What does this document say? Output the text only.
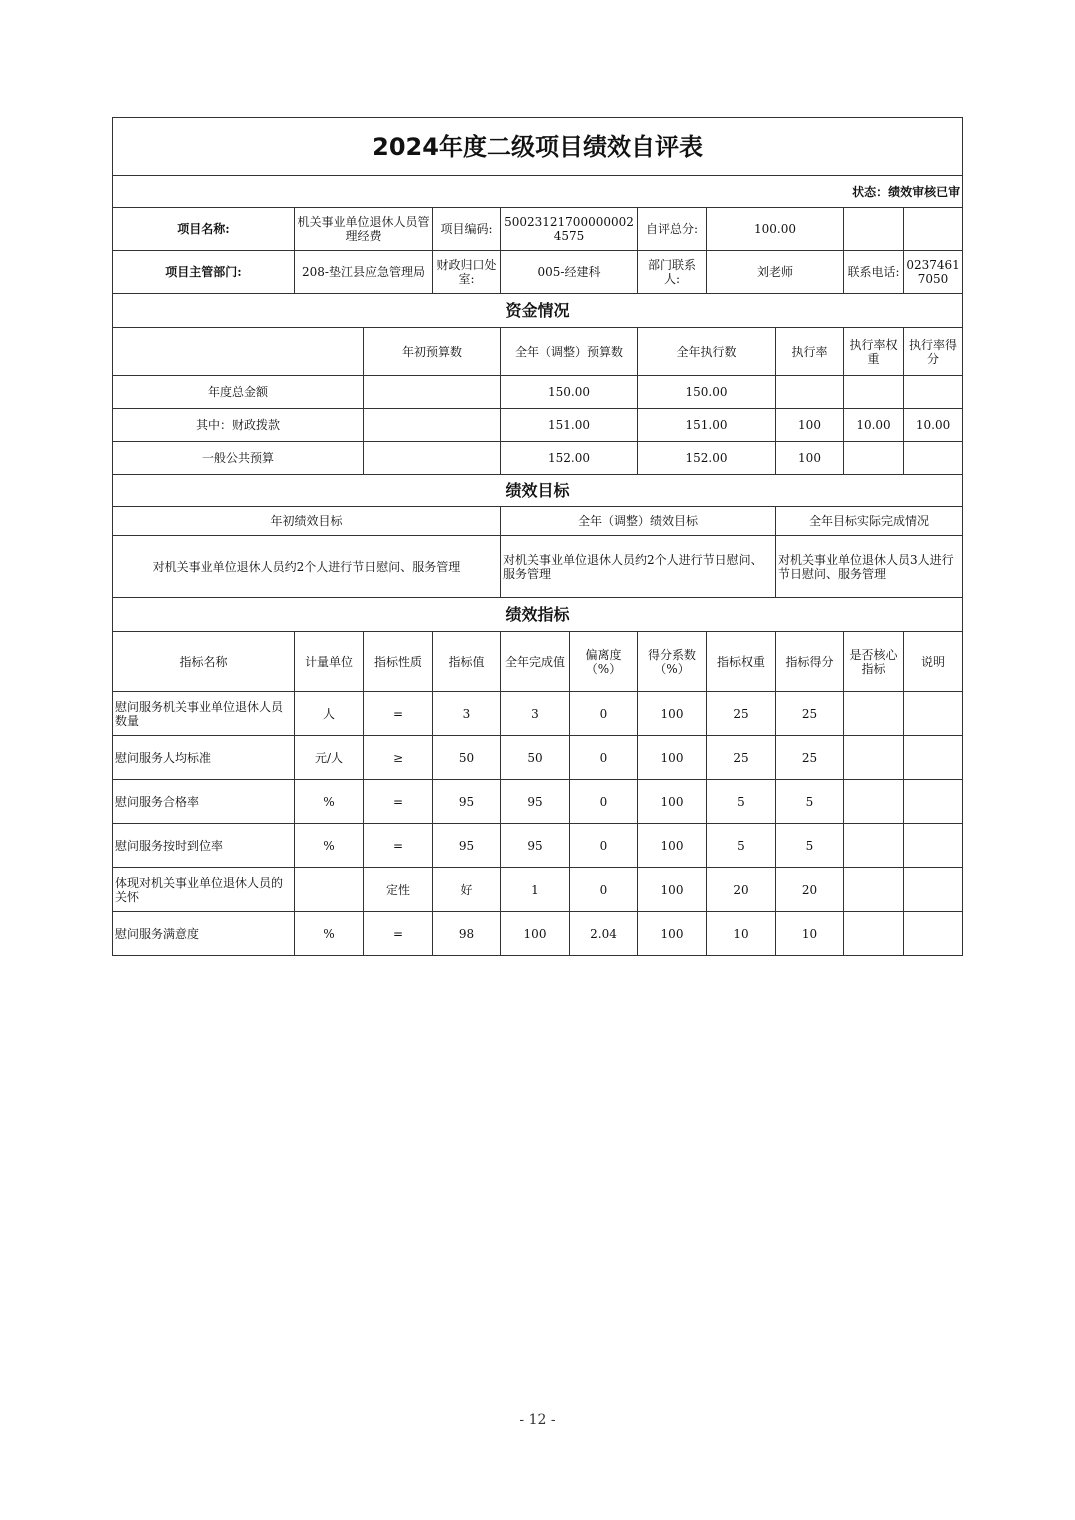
2024年度二级项目绩效自评表										
状态：绩效审核已审										
项目名称:	机关事业单位退休人员管理经费		项目编码:	500231217000000024575		自评总分:	100.00			
项目主管部门:	208-垫江县应急管理局		财政归口处室:	005-经建科		部门联系人:	刘老师		联系电话:	02374617050
资金情况										
		年初预算数		全年（调整）预算数		全年执行数		执行率	执行率权重	执行率得分
年度总金额				150.00		150.00				
其中：财政拨款				151.00		151.00		100	10.00	10.00
一般公共预算				152.00		152.00		100		
绩效目标										
年初绩效目标				全年（调整）绩效目标				全年目标实际完成情况		
对机关事业单位退休人员约2个人进行节日慰问、服务管理				对机关事业单位退休人员约2个人进行节日慰问、服务管理				对机关事业单位退休人员3人进行节日慰问、服务管理		
绩效指标										
指标名称	计量单位	指标性质	指标值	全年完成值	偏离度（%）	得分系数（%）	指标权重	指标得分	是否核心指标	说明
慰问服务机关事业单位退休人员数量	人	=	3	3	0	100	25	25		
慰问服务人均标准	元/人	≥	50	50	0	100	25	25		
慰问服务合格率	%	=	95	95	0	100	5	5		
慰问服务按时到位率	%	=	95	95	0	100	5	5		
体现对机关事业单位退休人员的关怀		定性	好	1	0	100	20	20		
慰问服务满意度	%	=	98	100	2.04	100	10	10		
- 12 -
